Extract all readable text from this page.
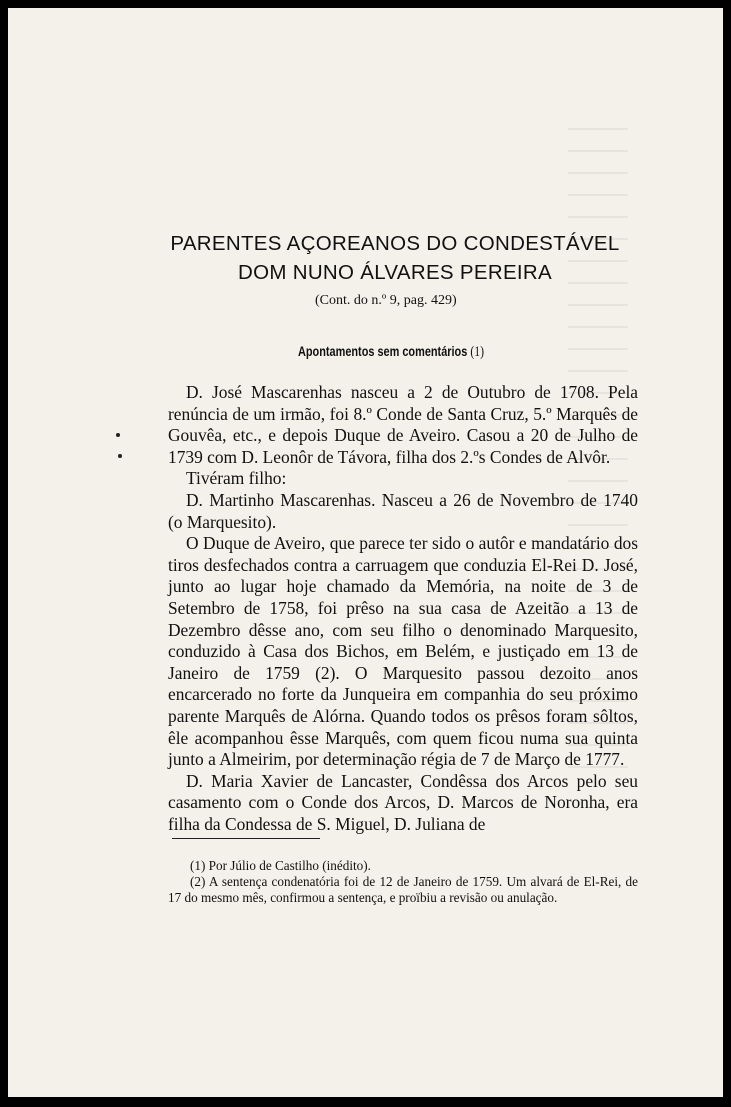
PARENTES AÇOREANOS DO CONDESTÁVEL
DOM NUNO ÁLVARES PEREIRA
(Cont. do n.º 9, pag. 429)
Apontamentos sem comentários (1)

D. José Mascarenhas nasceu a 2 de Outubro de 1708. Pela renúncia de um irmão, foi 8.º Conde de Santa Cruz, 5.º Marquês de Gouvêa, etc., e depois Duque de Aveiro. Casou a 20 de Julho de 1739 com D. Leonôr de Távora, filha dos 2.ºs Condes de Alvôr.

Tivéram filho:

D. Martinho Mascarenhas. Nasceu a 26 de Novembro de 1740 (o Marquesito).

O Duque de Aveiro, que parece ter sido o autôr e mandatário dos tiros desfechados contra a carruagem que conduzia El-Rei D. José, junto ao lugar hoje chamado da Memória, na noite de 3 de Setembro de 1758, foi prêso na sua casa de Azeitão a 13 de Dezembro dêsse ano, com seu filho o denominado Marquesito, conduzido à Casa dos Bichos, em Belém, e justiçado em 13 de Janeiro de 1759 (2). O Marquesito passou dezoito anos encarcerado no forte da Junqueira em companhia do seu próximo parente Marquês de Alórna. Quando todos os prêsos foram sôltos, êle acompanhou êsse Marquês, com quem ficou numa sua quinta junto a Almeirim, por determinação régia de 7 de Março de 1777.

D. Maria Xavier de Lancaster, Condêssa dos Arcos pelo seu casamento com o Conde dos Arcos, D. Marcos de Noronha, era filha da Condessa de S. Miguel, D. Juliana de

(1) Por Júlio de Castilho (inédito).

(2) A sentença condenatória foi de 12 de Janeiro de 1759. Um alvará de El-Rei, de 17 do mesmo mês, confirmou a sentença, e proïbiu a revisão ou anulação.
